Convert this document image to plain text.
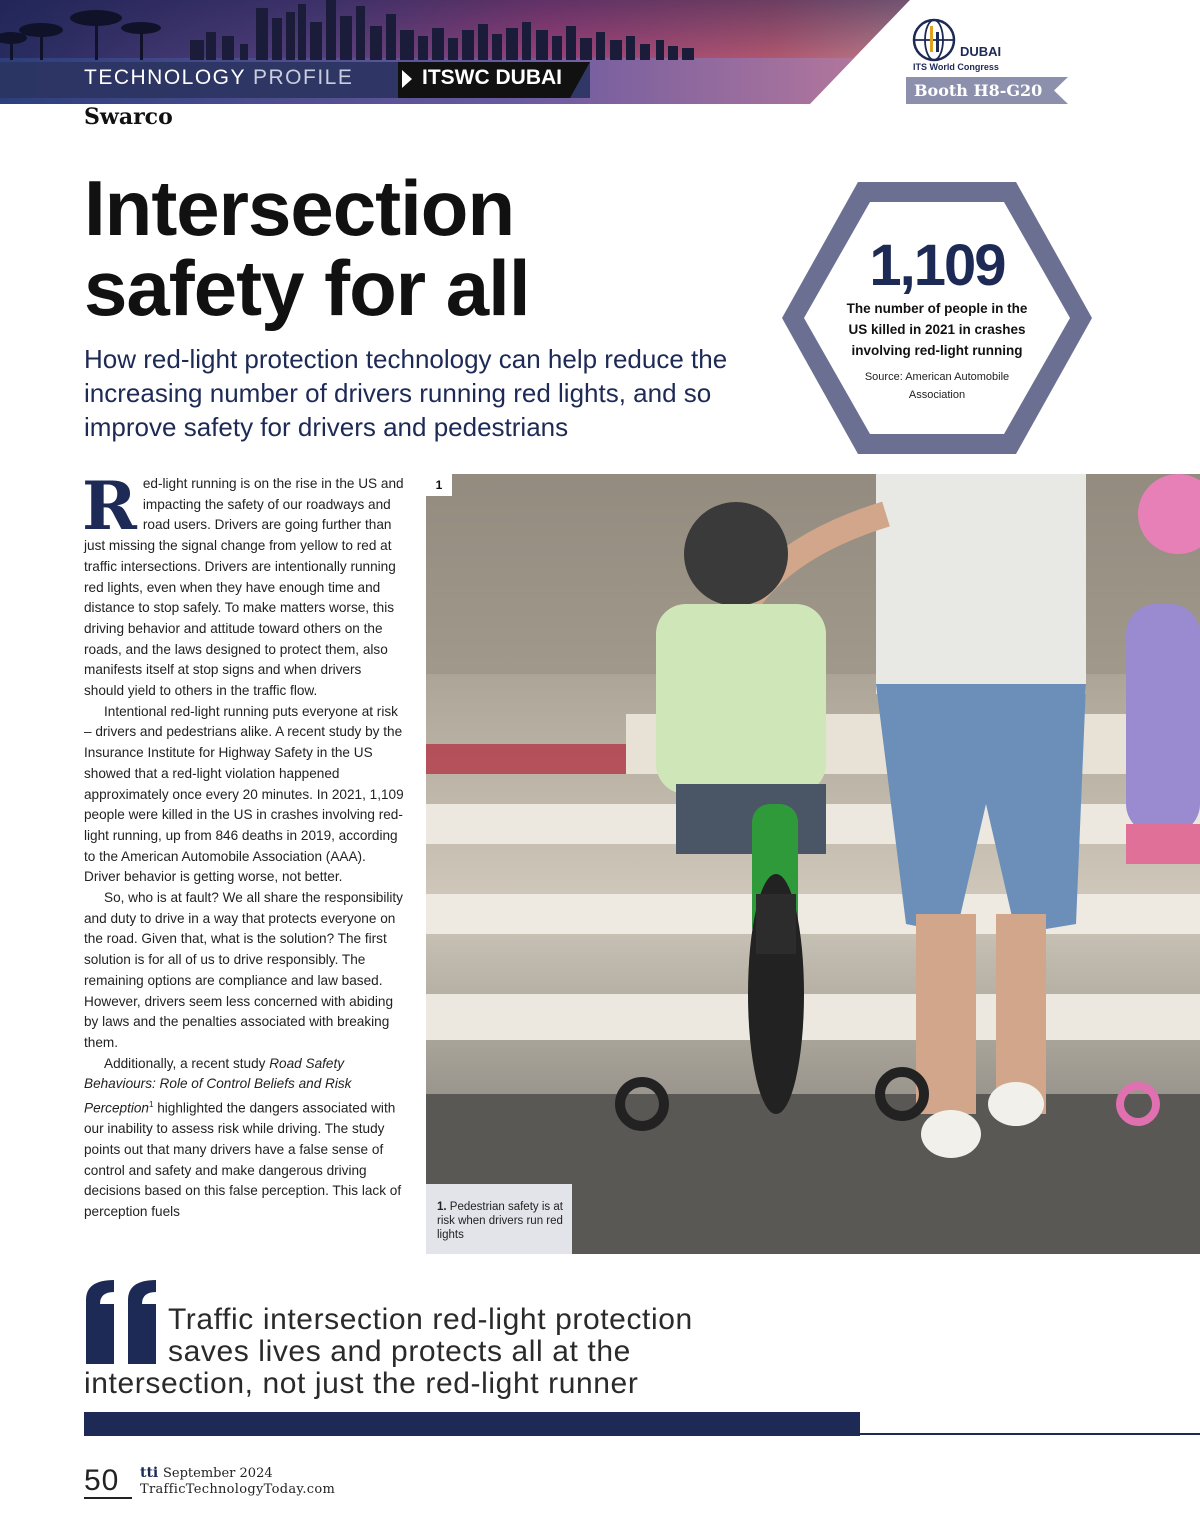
TECHNOLOGY PROFILE	ITSWC DUBAI
DUBAI
ITS World Congress
Booth H8-G20
Swarco
Intersection safety for all
How red-light protection technology can help reduce the increasing number of drivers running red lights, and so improve safety for drivers and pedestrians
1,109
The number of people in the US killed in 2021 in crashes involving red-light running
Source: American Automobile Association

Red-light running is on the rise in the US and impacting the safety of our roadways and road users. Drivers are going further than just missing the signal change from yellow to red at traffic intersections. Drivers are intentionally running red lights, even when they have enough time and distance to stop safely. To make matters worse, this driving behavior and attitude toward others on the roads, and the laws designed to protect them, also manifests itself at stop signs and when drivers should yield to others in the traffic flow.

Intentional red-light running puts everyone at risk – drivers and pedestrians alike. A recent study by the Insurance Institute for Highway Safety in the US showed that a red-light violation happened approximately once every 20 minutes. In 2021, 1,109 people were killed in the US in crashes involving red-light running, up from 846 deaths in 2019, according to the American Automobile Association (AAA). Driver behavior is getting worse, not better.

So, who is at fault? We all share the responsibility and duty to drive in a way that protects everyone on the road. Given that, what is the solution? The first solution is for all of us to drive responsibly. The remaining options are compliance and law based. However, drivers seem less concerned with abiding by laws and the penalties associated with breaking them.

Additionally, a recent study Road Safety Behaviours: Role of Control Beliefs and Risk Perception$^1$ highlighted the dangers associated with our inability to assess risk while driving. The study points out that many drivers have a false sense of control and safety and make dangerous driving decisions based on this false perception. This lack of perception fuels

1
1. Pedestrian safety is at risk when drivers run red lights
Traffic intersection red-light protection
saves lives and protects all at the
intersection, not just the red-light runner
50 tti September 2024
TrafficTechnologyToday.com
